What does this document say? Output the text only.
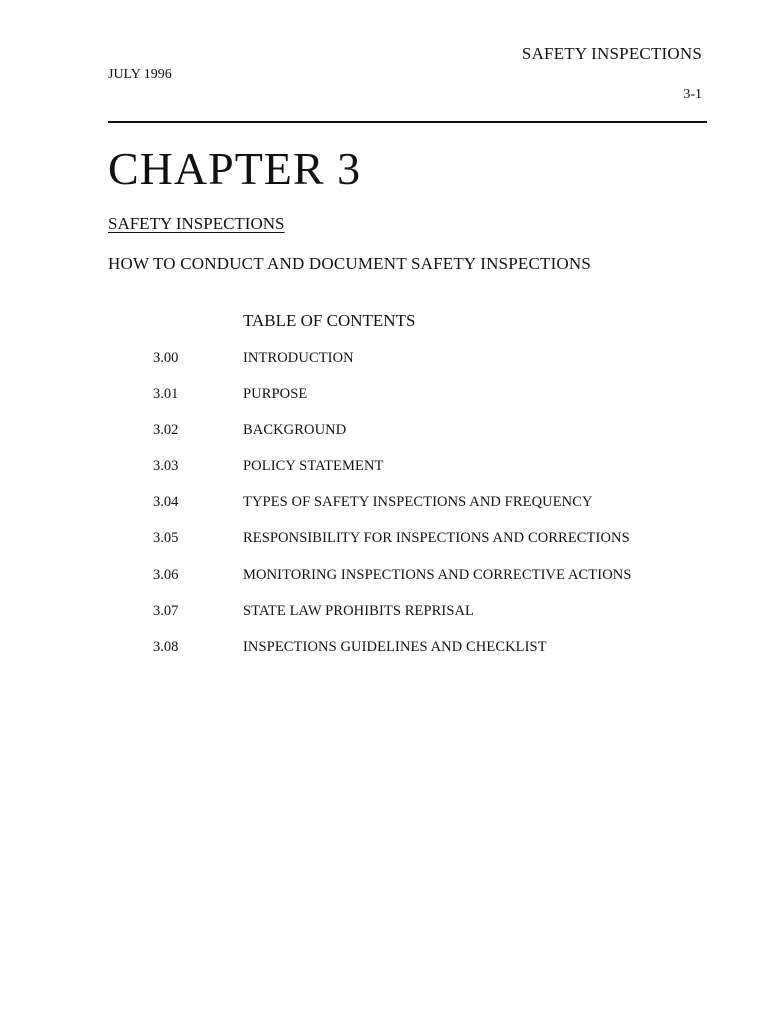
SAFETY INSPECTIONS
JULY 1996
3-1
CHAPTER 3
SAFETY INSPECTIONS
HOW TO CONDUCT AND DOCUMENT SAFETY INSPECTIONS
TABLE OF CONTENTS
3.00	INTRODUCTION
3.01	PURPOSE
3.02	BACKGROUND
3.03	POLICY STATEMENT
3.04	TYPES OF SAFETY INSPECTIONS AND FREQUENCY
3.05	RESPONSIBILITY FOR INSPECTIONS AND CORRECTIONS
3.06	MONITORING INSPECTIONS AND CORRECTIVE ACTIONS
3.07	STATE LAW PROHIBITS REPRISAL
3.08	INSPECTIONS GUIDELINES AND CHECKLIST
